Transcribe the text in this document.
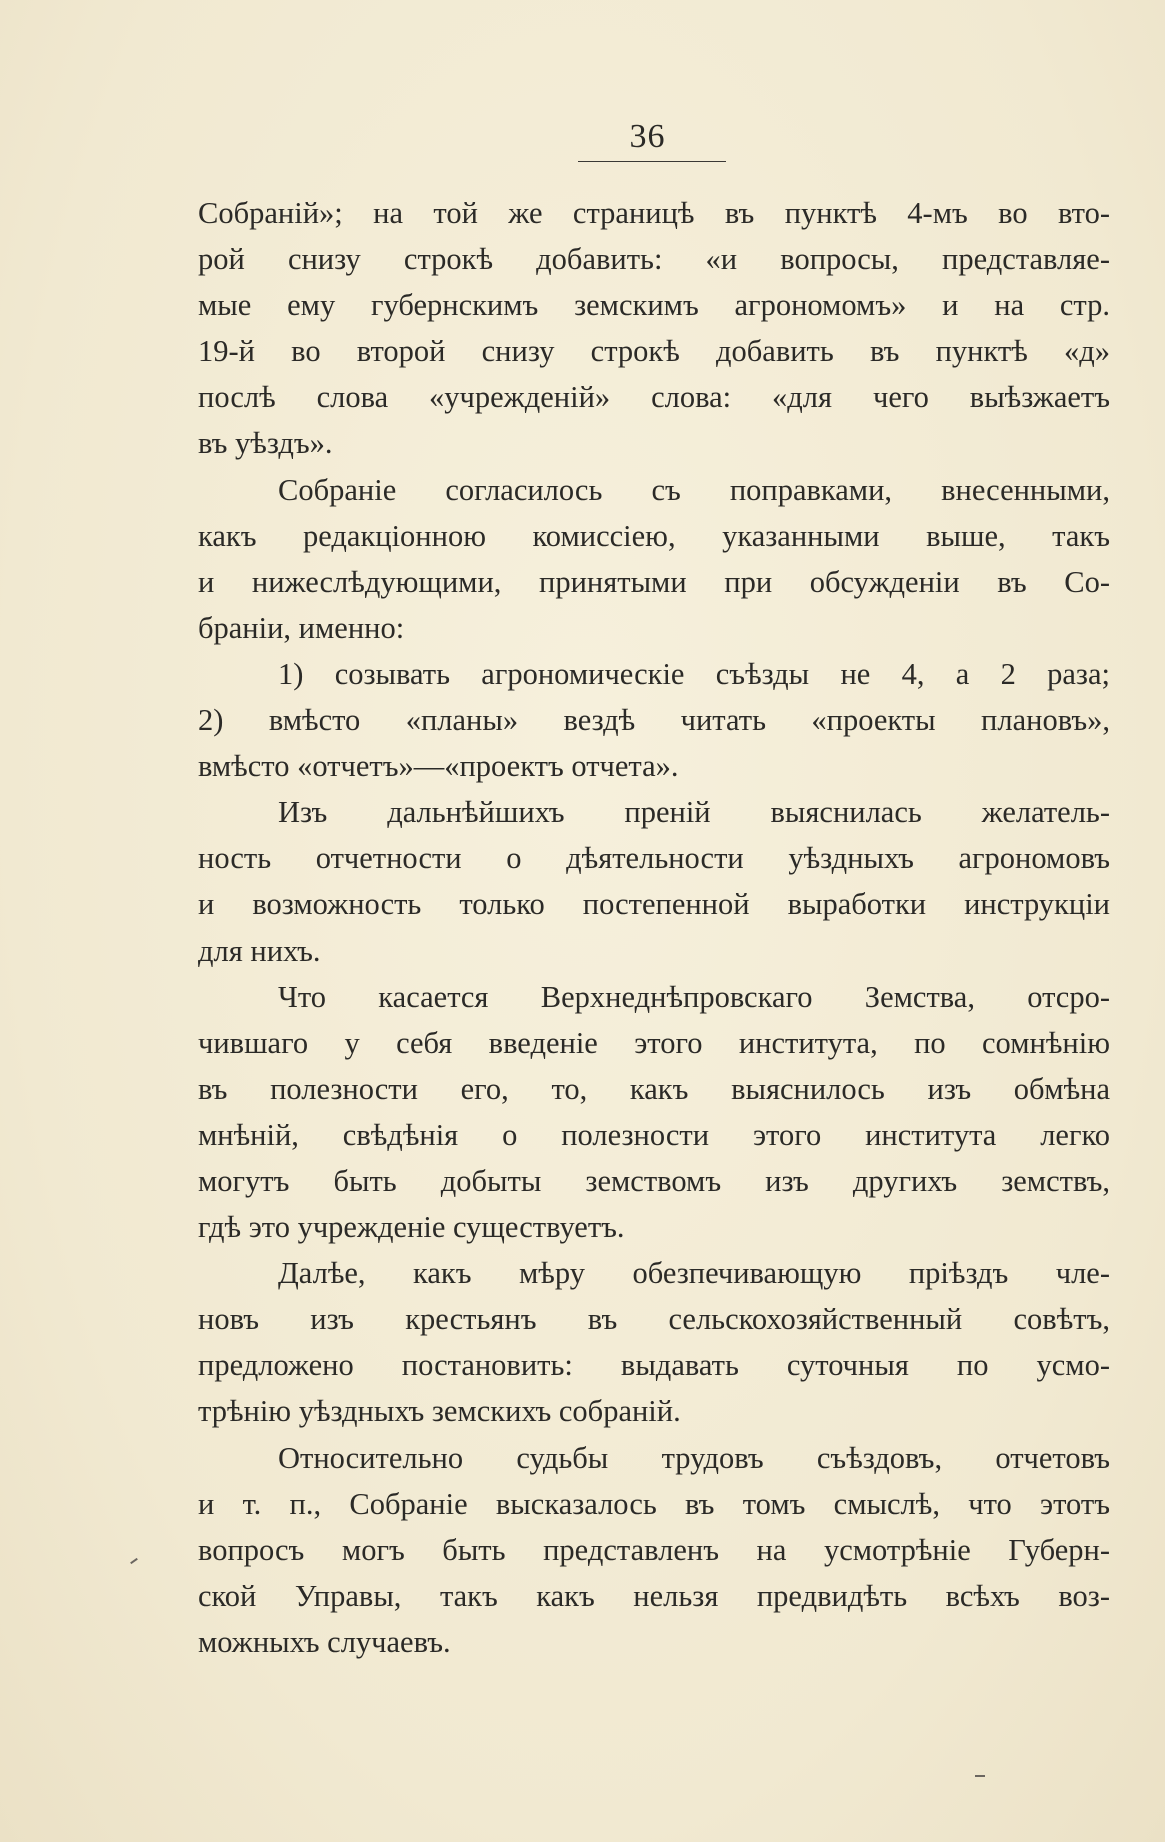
36

Собранiй»; на той же страницѣ въ пунктѣ 4-мъ во вто-
рой снизу строкѣ добавить: «и вопросы, представляе-
мые ему губернскимъ земскимъ агрономомъ» и на стр.
19-й во второй снизу строкѣ добавить въ пунктѣ «д»
послѣ слова «учрежденiй» слова: «для чего выѣзжаетъ
въ уѣздъ».

Собранiе согласилось съ поправками, внесенными,
какъ редакцiонною комиссiею, указанными выше, такъ
и нижеслѣдующими, принятыми при обсужденiи въ Со-
бранiи, именно:

1) созывать агрономическiе съѣзды не 4, а 2 раза;
2) вмѣсто «планы» вездѣ читать «проекты плановъ»,
вмѣсто «отчетъ»—«проектъ отчета».

Изъ дальнѣйшихъ пренiй выяснилась желатель-
ность отчетности о дѣятельности уѣздныхъ агрономовъ
и возможность только постепенной выработки инструкцiи
для нихъ.

Что касается Верхнеднѣпровскаго Земства, отсро-
чившаго у себя введенiе этого института, по сомнѣнiю
въ полезности его, то, какъ выяснилось изъ обмѣна
мнѣнiй, свѣдѣнiя о полезности этого института легко
могутъ быть добыты земствомъ изъ другихъ земствъ,
гдѣ это учрежденiе существуетъ.

Далѣе, какъ мѣру обезпечивающую прiѣздъ чле-
новъ изъ крестьянъ въ сельскохозяйственный совѣтъ,
предложено постановить: выдавать суточныя по усмо-
трѣнiю уѣздныхъ земскихъ собранiй.

Относительно судьбы трудовъ съѣздовъ, отчетовъ
и т. п., Собранiе высказалось въ томъ смыслѣ, что этотъ
вопросъ могъ быть представленъ на усмотрѣнiе Губерн-
ской Управы, такъ какъ нельзя предвидѣть всѣхъ воз-
можныхъ случаевъ.
